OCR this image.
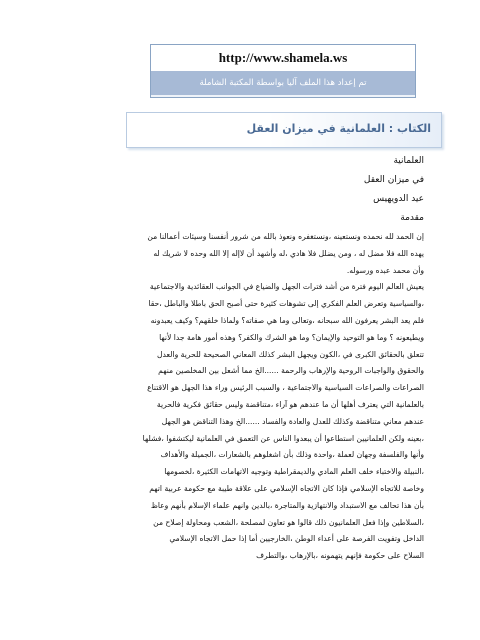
http://www.shamela.ws
تم إعداد هذا الملف آليا بواسطة المكتبة الشاملة
الكتاب : العلمانية في ميزان العقل
العلمانية
في ميزان العقل
عيد الدويهيس
مقدمة
إن الحمد لله نحمده ونستعينه ،ونستغفره ونعوذ بالله من شرور أنفسنا وسيئات أعمالنا من
يهده الله فلا مضل له ، ومن يضلل فلا هادي ،له وأشهد أن لاإله إلا الله وحده لا شريك له
وأن محمد عبده ورسوله.
يعيش العالم اليوم فترة من أشد فترات الجهل والضياع في الجوانب العقائدية والاجتماعية
،والسياسية وتعرض العلم الفكري إلى تشوهات كثيرة حتى أصبح الحق باطلا والباطل ،حقا
فلم يعد البشر يعرفون الله سبحانه ،وتعالى وما هي صفاته؟ ولماذا خلقهم؟ وكيف يعبدونه
ويطيعونه ؟ وما هو التوحيد والإيمان؟ وما هو الشرك والكفر؟ وهذه أمور هامة جدا لأنها
تتعلق بالحقائق الكبرى في ،الكون ويجهل البشر كذلك المعاني الصحيحة للحرية والعدل
والحقوق والواجبات الروحية والإرهاب والرحمة ......الخ مما أشعل بين المخلصين منهم
الصراعات والصراعات السياسية والاجتماعية ، والسبب الرئيس وراء هذا الجهل هو الاقتناع
بالعلمانية التي يعترف أهلها أن ما عندهم هو آراء ،متناقضة وليس حقائق فكرية فالحرية
عندهم معاني متناقضة وكذلك للعدل والعادة والفساد ......الخ وهذا التناقض هو الجهل
،بعينه ولكن العلمانيين استطاعوا أن يبعدوا الناس عن التعمق في العلمانية ليكتشفوا ،فشلها
وأنها والفلسفة وجهان لعملة ،واحدة وذلك بأن اشغلوهم بالشعارات ،الجميلة والأهداف
،النبيلة والاختباء خلف العلم المادي والديمقراطية وتوجيه الاتهامات الكثيرة ،لخصومها
وخاصة للاتجاه الإسلامي فإذا كان الاتجاه الإسلامي على علاقة طيبة مع حكومة عربية اتهم
بأن هذا تحالف مع الاستبداد والانتهازية والمتاجرة ،بالدين وانهم علماء الإسلام بأنهم وعاظ
،السلاطين وإذا فعل العلمانيون ذلك قالوا هو تعاون لمصلحة ،الشعب ومحاولة إصلاح من
الداخل وتفويت الفرصة على أعداء الوطن ،الخارجيين أما إذا حمل الاتجاه الإسلامي
السلاح على حكومة فإنهم يتهمونه ،بالإرهاب ،والتطرف
